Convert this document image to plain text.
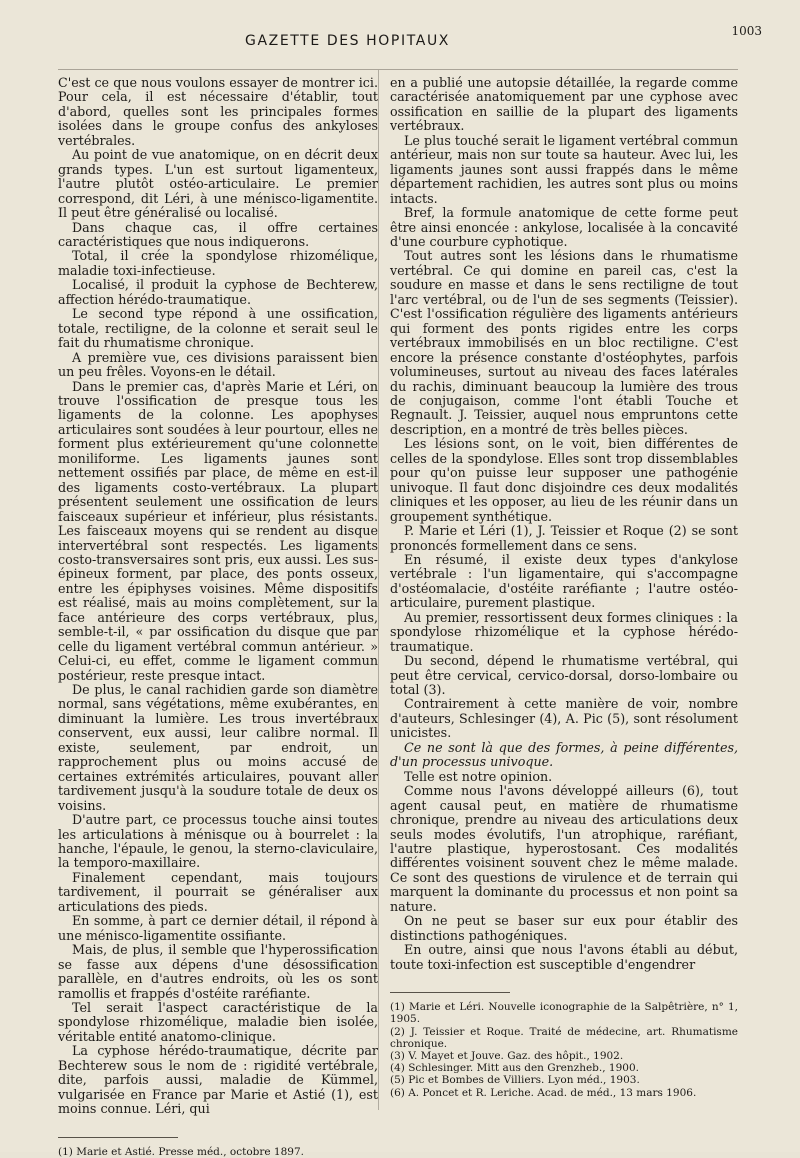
GAZETTE DES HOPITAUX
1003

C'est ce que nous voulons essayer de montrer ici. Pour cela, il est nécessaire d'établir, tout d'abord, quelles sont les principales formes isolées dans le groupe confus des ankyloses vertébrales.

Au point de vue anatomique, on en décrit deux grands types. L'un est surtout ligamenteux, l'autre plutôt ostéo-articulaire. Le premier correspond, dit Léri, à une ménisco-ligamentite. Il peut être généralisé ou localisé.

Dans chaque cas, il offre certaines caractéristiques que nous indiquerons.

Total, il crée la spondylose rhizomélique, maladie toxi-infectieuse.

Localisé, il produit la cyphose de Bechterew, affection hérédo-traumatique.

Le second type répond à une ossification, totale, rectiligne, de la colonne et serait seul le fait du rhumatisme chronique.

A première vue, ces divisions paraissent bien un peu frêles. Voyons-en le détail.

Dans le premier cas, d'après Marie et Léri, on trouve l'ossification de presque tous les ligaments de la colonne. Les apophyses articulaires sont soudées à leur pourtour, elles ne forment plus extérieurement qu'une colonnette moniliforme. Les ligaments jaunes sont nettement ossifiés par place, de même en est-il des ligaments costo-vertébraux. La plupart présentent seulement une ossification de leurs faisceaux supérieur et inférieur, plus résistants. Les faisceaux moyens qui se rendent au disque intervertébral sont respectés. Les ligaments costo-transversaires sont pris, eux aussi. Les sus-épineux forment, par place, des ponts osseux, entre les épiphyses voisines. Même dispositifs est réalisé, mais au moins complètement, sur la face antérieure des corps vertébraux, plus, semble-t-il, « par ossification du disque que par celle du ligament vertébral commun antérieur. » Celui-ci, eu effet, comme le ligament commun postérieur, reste presque intact.

De plus, le canal rachidien garde son diamètre normal, sans végétations, même exubérantes, en diminuant la lumière. Les trous invertébraux conservent, eux aussi, leur calibre normal. Il existe, seulement, par endroit, un rapprochement plus ou moins accusé de certaines extrémités articulaires, pouvant aller tardivement jusqu'à la soudure totale de deux os voisins.

D'autre part, ce processus touche ainsi toutes les articulations à ménisque ou à bourrelet : la hanche, l'épaule, le genou, la sterno-claviculaire, la temporo-maxillaire.

Finalement cependant, mais toujours tardivement, il pourrait se généraliser aux articulations des pieds.

En somme, à part ce dernier détail, il répond à une ménisco-ligamentite ossifiante.

Mais, de plus, il semble que l'hyperossification se fasse aux dépens d'une désossification parallèle, en d'autres endroits, où les os sont ramollis et frappés d'ostéite raréfiante.

Tel serait l'aspect caractéristique de la spondylose rhizomélique, maladie bien isolée, véritable entité anatomo-clinique.

La cyphose hérédo-traumatique, décrite par Bechterew sous le nom de : rigidité vertébrale, dite, parfois aussi, maladie de Kümmel, vulgarisée en France par Marie et Astié (1), est moins connue. Léri, qui

(1) Marie et Astié. Presse méd., octobre 1897.

en a publié une autopsie détaillée, la regarde comme caractérisée anatomiquement par une cyphose avec ossification en saillie de la plupart des ligaments vertébraux.

Le plus touché serait le ligament vertébral commun antérieur, mais non sur toute sa hauteur. Avec lui, les ligaments jaunes sont aussi frappés dans le même département rachidien, les autres sont plus ou moins intacts.

Bref, la formule anatomique de cette forme peut être ainsi enoncée : ankylose, localisée à la concavité d'une courbure cyphotique.

Tout autres sont les lésions dans le rhumatisme vertébral. Ce qui domine en pareil cas, c'est la soudure en masse et dans le sens rectiligne de tout l'arc vertébral, ou de l'un de ses segments (Teissier). C'est l'ossification régulière des ligaments antérieurs qui forment des ponts rigides entre les corps vertébraux immobilisés en un bloc rectiligne. C'est encore la présence constante d'ostéophytes, parfois volumineuses, surtout au niveau des faces latérales du rachis, diminuant beaucoup la lumière des trous de conjugaison, comme l'ont établi Touche et Regnault. J. Teissier, auquel nous empruntons cette description, en a montré de très belles pièces.

Les lésions sont, on le voit, bien différentes de celles de la spondylose. Elles sont trop dissemblables pour qu'on puisse leur supposer une pathogénie univoque. Il faut donc disjoindre ces deux modalités cliniques et les opposer, au lieu de les réunir dans un groupement synthétique.

P. Marie et Léri (1), J. Teissier et Roque (2) se sont prononcés formellement dans ce sens.

En résumé, il existe deux types d'ankylose vertébrale : l'un ligamentaire, qui s'accompagne d'ostéomalacie, d'ostéite raréfiante ; l'autre ostéo-articulaire, purement plastique.

Au premier, ressortissent deux formes cliniques : la spondylose rhizomélique et la cyphose hérédo-traumatique.

Du second, dépend le rhumatisme vertébral, qui peut être cervical, cervico-dorsal, dorso-lombaire ou total (3).

Contrairement à cette manière de voir, nombre d'auteurs, Schlesinger (4), A. Pic (5), sont résolument unicistes.

Ce ne sont là que des formes, à peine différentes, d'un processus univoque.

Telle est notre opinion.

Comme nous l'avons développé ailleurs (6), tout agent causal peut, en matière de rhumatisme chronique, prendre au niveau des articulations deux seuls modes évolutifs, l'un atrophique, raréfiant, l'autre plastique, hyperostosant. Ces modalités différentes voisinent souvent chez le même malade. Ce sont des questions de virulence et de terrain qui marquent la dominante du processus et non point sa nature.

On ne peut se baser sur eux pour établir des distinctions pathogéniques.

En outre, ainsi que nous l'avons établi au début, toute toxi-infection est susceptible d'engendrer

(1) Marie et Léri. Nouvelle iconographie de la Salpêtrière, n° 1, 1905.

(2) J. Teissier et Roque. Traité de médecine, art. Rhumatisme chronique.

(3) V. Mayet et Jouve. Gaz. des hôpit., 1902.

(4) Schlesinger. Mitt aus den Grenzheb., 1900.

(5) Pic et Bombes de Villiers. Lyon méd., 1903.

(6) A. Poncet et R. Leriche. Acad. de méd., 13 mars 1906.
